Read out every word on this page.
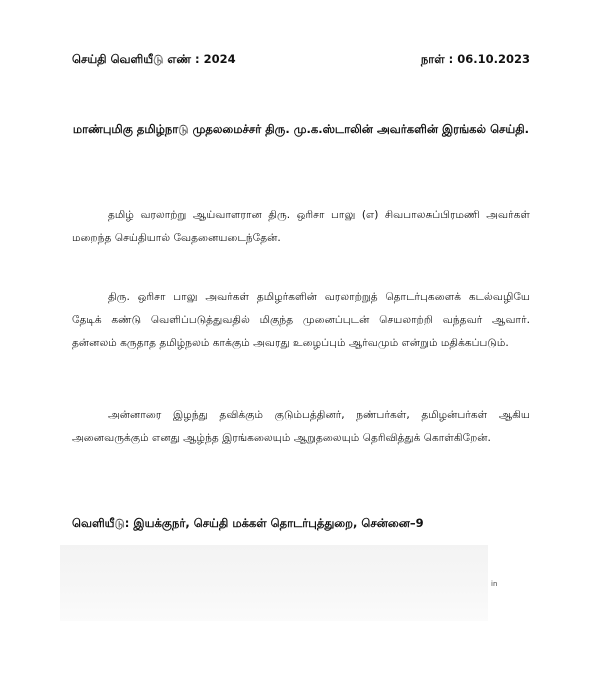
செய்தி வெளியீடு எண் : 2024	நாள் : 06.10.2023
மாண்புமிகு தமிழ்நாடு முதலமைச்சர் திரு. மு.க.ஸ்டாலின் அவர்களின் இரங்கல் செய்தி.

தமிழ் வரலாற்று ஆய்வாளரான திரு. ஒரிசா பாலு (எ) சிவபாலசுப்பிரமணி அவர்கள் மறைந்த செய்தியால் வேதனையடைந்தேன்.

திரு. ஒரிசா பாலு அவர்கள் தமிழர்களின் வரலாற்றுத் தொடர்புகளைக் கடல்வழியே தேடிக் கண்டு வெளிப்படுத்துவதில் மிகுந்த முனைப்புடன் செயலாற்றி வந்தவர் ஆவார். தன்னலம் கருதாத தமிழ்நலம் காக்கும் அவரது உழைப்பும் ஆர்வமும் என்றும் மதிக்கப்படும்.

அன்னாரை இழந்து தவிக்கும் குடும்பத்தினர், நண்பர்கள், தமிழன்பர்கள் ஆகிய அனைவருக்கும் எனது ஆழ்ந்த இரங்கலையும் ஆறுதலையும் தெரிவித்துக் கொள்கிறேன்.

வெளியீடு: இயக்குநர், செய்தி மக்கள் தொடர்புத்துறை, சென்னை–9
in
